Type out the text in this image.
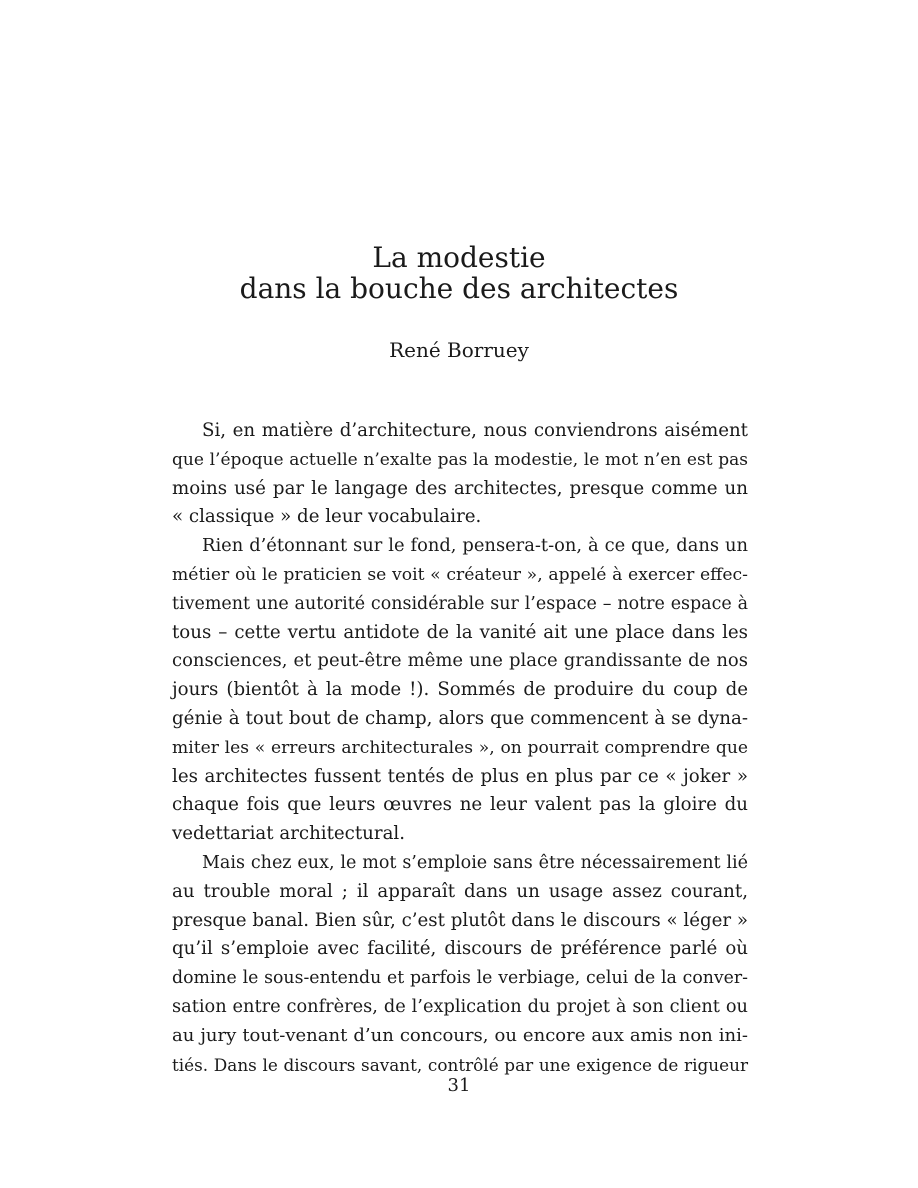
La modestie
dans la bouche des architectes
René Borruey
Si, en matière d’architecture, nous conviendrons aisément
que l’époque actuelle n’exalte pas la modestie, le mot n’en est pas
moins usé par le langage des architectes, presque comme un
« classique » de leur vocabulaire.
Rien d’étonnant sur le fond, pensera-t-on, à ce que, dans un
métier où le praticien se voit « créateur », appelé à exercer effec-
tivement une autorité considérable sur l’espace – notre espace à
tous – cette vertu antidote de la vanité ait une place dans les
consciences, et peut-être même une place grandissante de nos
jours (bientôt à la mode !). Sommés de produire du coup de
génie à tout bout de champ, alors que commencent à se dyna-
miter les « erreurs architecturales », on pourrait comprendre que
les architectes fussent tentés de plus en plus par ce « joker »
chaque fois que leurs œuvres ne leur valent pas la gloire du
vedettariat architectural.
Mais chez eux, le mot s’emploie sans être nécessairement lié
au trouble moral ; il apparaît dans un usage assez courant,
presque banal. Bien sûr, c’est plutôt dans le discours « léger »
qu’il s’emploie avec facilité, discours de préférence parlé où
domine le sous-entendu et parfois le verbiage, celui de la conver-
sation entre confrères, de l’explication du projet à son client ou
au jury tout-venant d’un concours, ou encore aux amis non ini-
tiés. Dans le discours savant, contrôlé par une exigence de rigueur
31
